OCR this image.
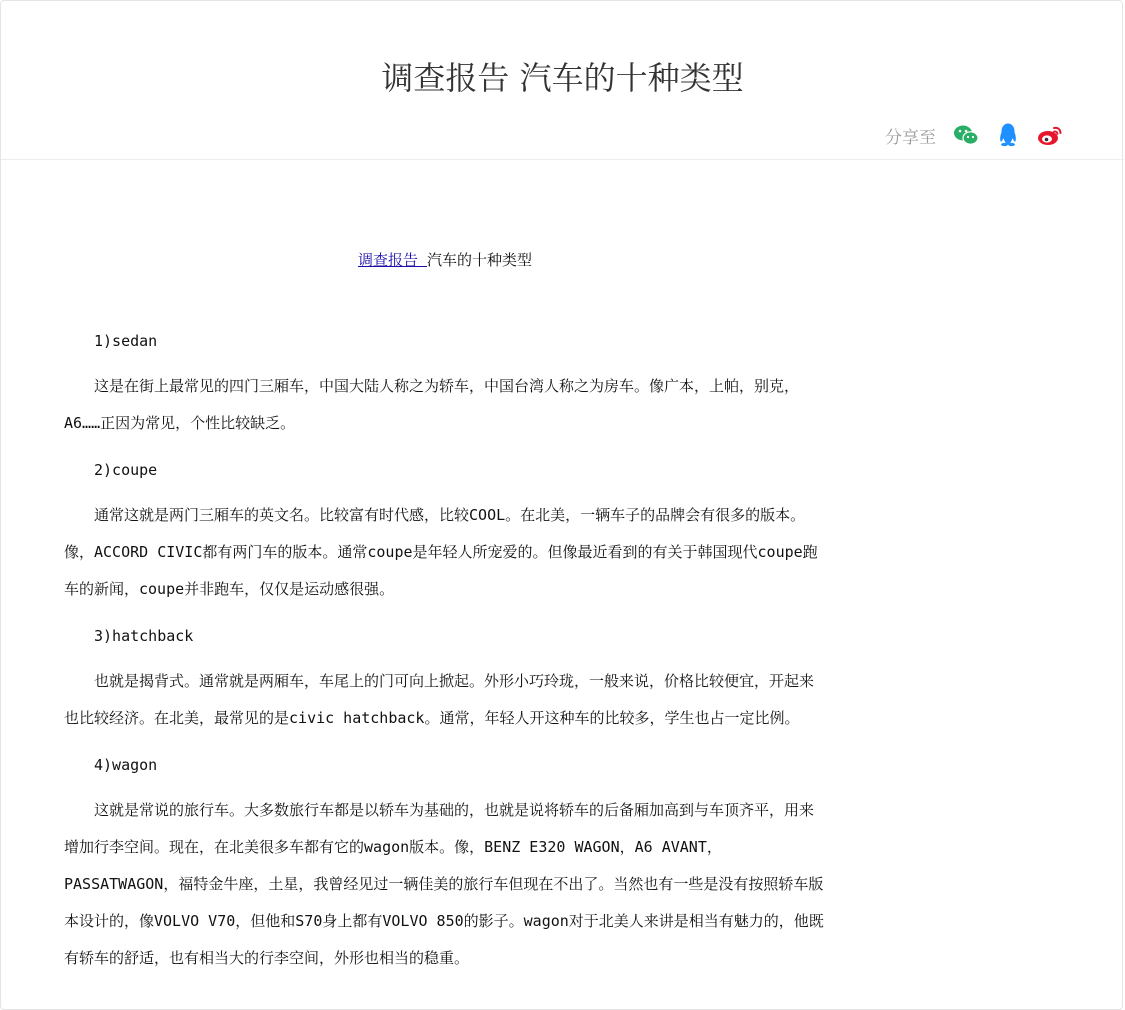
调查报告 汽车的十种类型
分享至

调查报告 汽车的十种类型

1)sedan

这是在街上最常见的四门三厢车，中国大陆人称之为轿车，中国台湾人称之为房车。像广本，上帕，别克，A6……正因为常见，个性比较缺乏。

2)coupe

通常这就是两门三厢车的英文名。比较富有时代感，比较COOL。在北美，一辆车子的品牌会有很多的版本。像，ACCORD CIVIC都有两门车的版本。通常coupe是年轻人所宠爱的。但像最近看到的有关于韩国现代coupe跑车的新闻，coupe并非跑车，仅仅是运动感很强。

3)hatchback

也就是揭背式。通常就是两厢车，车尾上的门可向上掀起。外形小巧玲珑，一般来说，价格比较便宜，开起来也比较经济。在北美，最常见的是civic hatchback。通常，年轻人开这种车的比较多，学生也占一定比例。

4)wagon

这就是常说的旅行车。大多数旅行车都是以轿车为基础的，也就是说将轿车的后备厢加高到与车顶齐平，用来增加行李空间。现在，在北美很多车都有它的wagon版本。像，BENZ E320 WAGON，A6 AVANT，PASSATWAGON，福特金牛座，土星，我曾经见过一辆佳美的旅行车但现在不出了。当然也有一些是没有按照轿车版本设计的，像VOLVO V70，但他和S70身上都有VOLVO 850的影子。wagon对于北美人来讲是相当有魅力的，他既有轿车的舒适，也有相当大的行李空间，外形也相当的稳重。
